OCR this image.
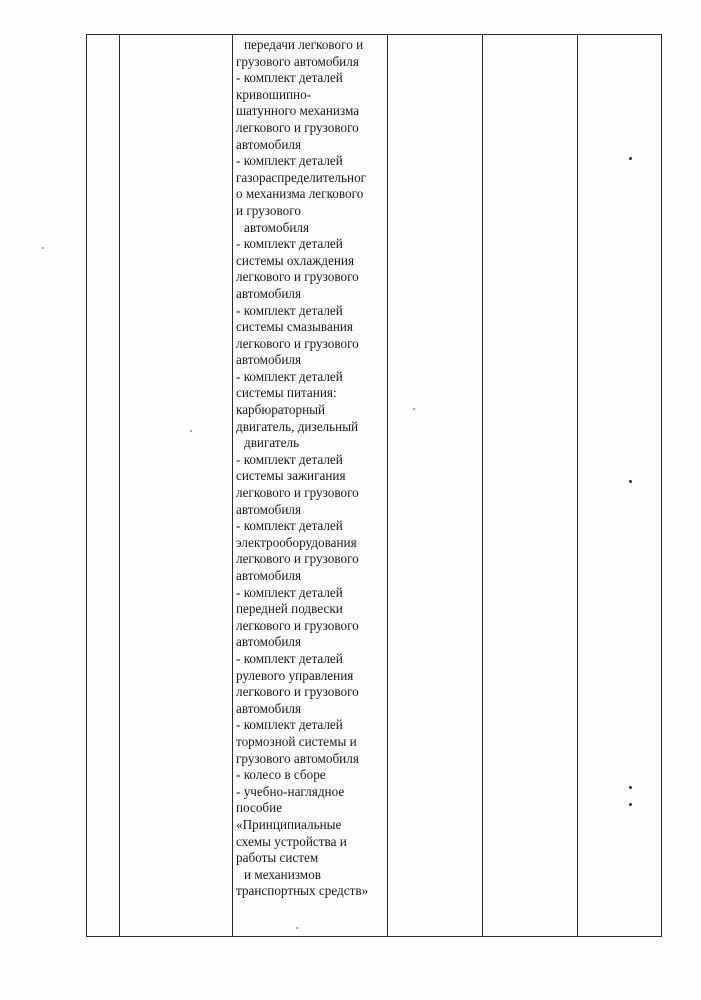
передачи легкового и
грузового автомобиля
- комплект деталей
кривошипно-
шатунного механизма
легкового и грузового
автомобиля
- комплект деталей
газораспределительног
о механизма легкового
и грузового
автомобиля
- комплект деталей
системы охлаждения
легкового и грузового
автомобиля
- комплект деталей
системы смазывания
легкового и грузового
автомобиля
- комплект деталей
системы питания:
карбюраторный
двигатель, дизельный
двигатель
- комплект деталей
системы зажигания
легкового и грузового
автомобиля
- комплект деталей
электрооборудования
легкового и грузового
автомобиля
- комплект деталей
передней подвески
легкового и грузового
автомобиля
- комплект деталей
рулевого управления
легкового и грузового
автомобиля
- комплект деталей
тормозной системы и
грузового автомобиля
- колесо в сборе
- учебно-наглядное
пособие
«Принципиальные
схемы устройства и
работы систем
и механизмов
транспортных средств»
